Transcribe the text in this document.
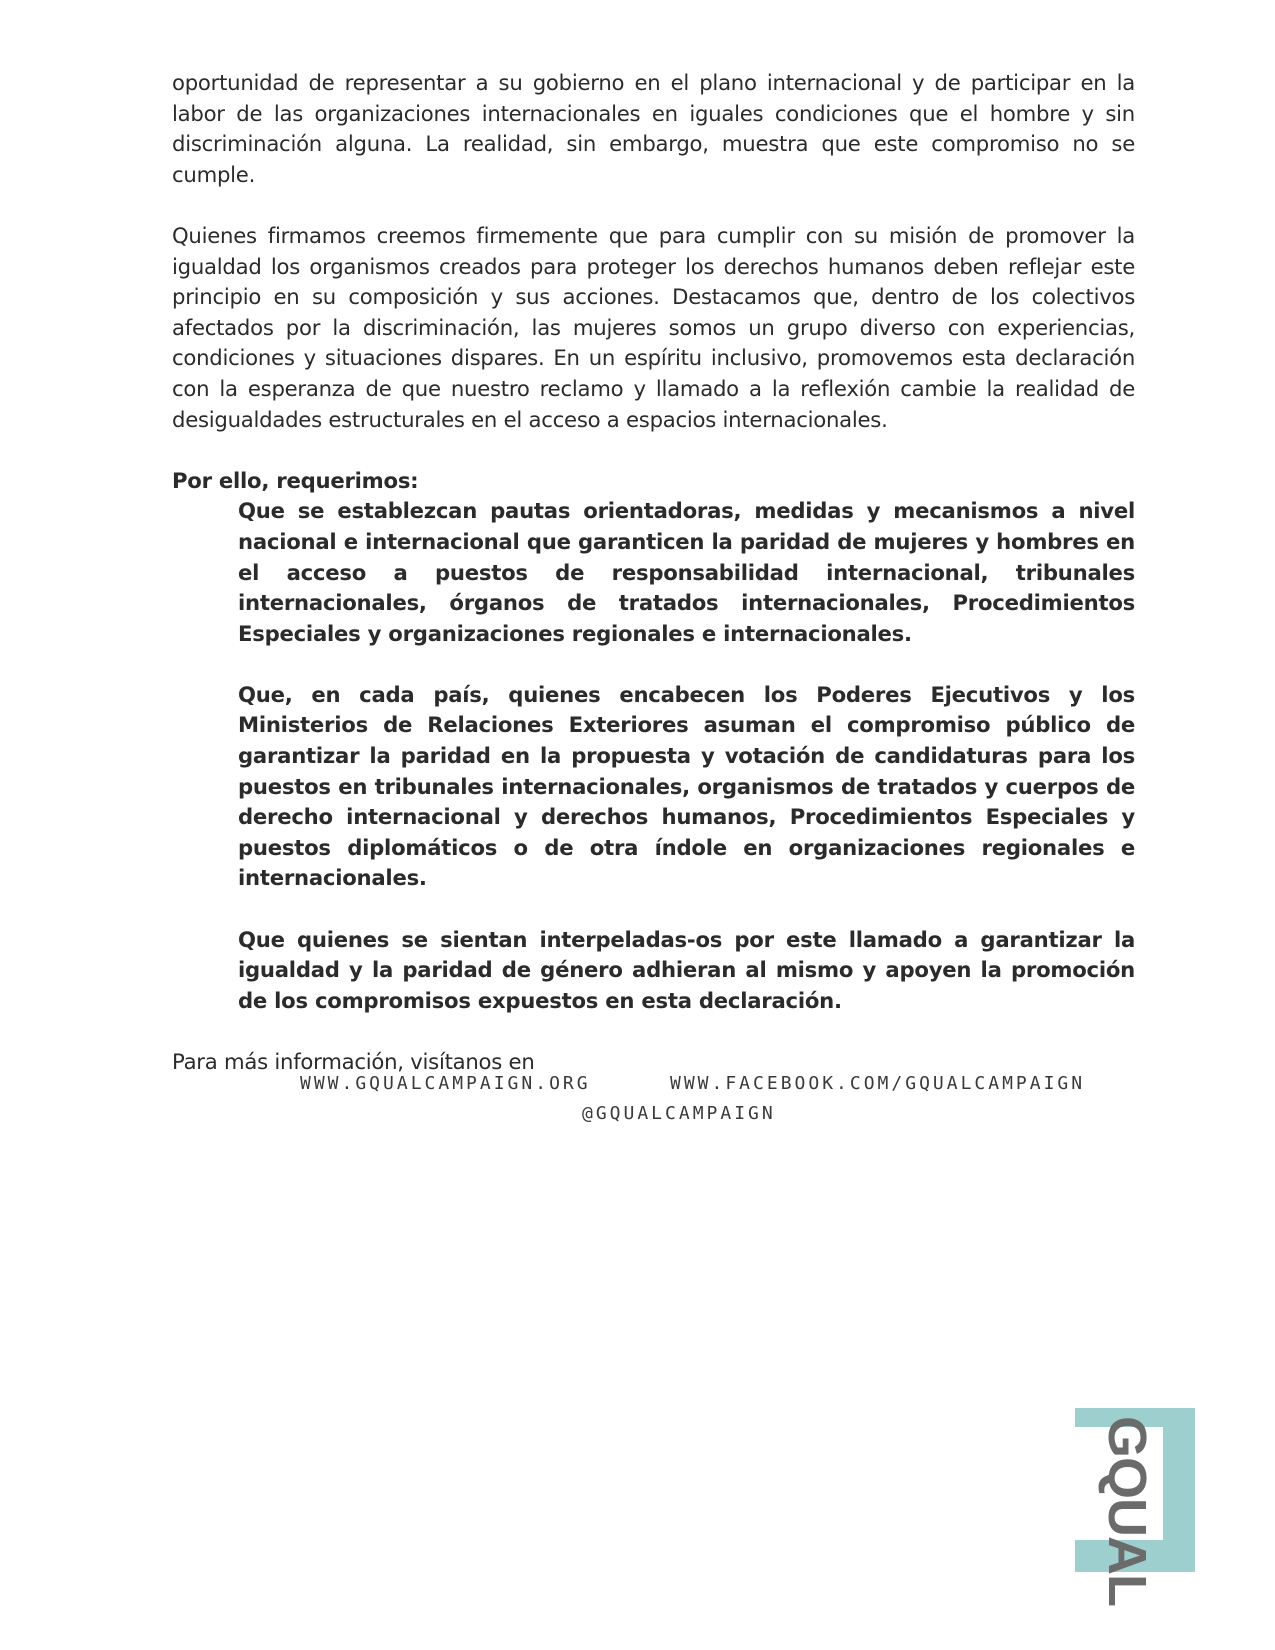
oportunidad de representar a su gobierno en el plano internacional y de participar en la labor de las organizaciones internacionales en iguales condiciones que el hombre y sin discriminación alguna. La realidad, sin embargo, muestra que este compromiso no se cumple.

Quienes firmamos creemos firmemente que para cumplir con su misión de promover la igualdad los organismos creados para proteger los derechos humanos deben reflejar este principio en su composición y sus acciones. Destacamos que, dentro de los colectivos afectados por la discriminación, las mujeres somos un grupo diverso con experiencias, condiciones y situaciones dispares. En un espíritu inclusivo, promovemos esta declaración con la esperanza de que nuestro reclamo y llamado a la reflexión cambie la realidad de desigualdades estructurales en el acceso a espacios internacionales.

Por ello, requerimos:

Que se establezcan pautas orientadoras, medidas y mecanismos a nivel nacional e internacional que garanticen la paridad de mujeres y hombres en el acceso a puestos de responsabilidad internacional, tribunales internacionales, órganos de tratados internacionales, Procedimientos Especiales y organizaciones regionales e internacionales.
Que, en cada país, quienes encabecen los Poderes Ejecutivos y los Ministerios de Relaciones Exteriores asuman el compromiso público de garantizar la paridad en la propuesta y votación de candidaturas para los puestos en tribunales internacionales, organismos de tratados y cuerpos de derecho internacional y derechos humanos, Procedimientos Especiales y puestos diplomáticos o de otra índole en organizaciones regionales e internacionales.
Que quienes se sientan interpeladas-os por este llamado a garantizar la igualdad y la paridad de género adhieran al mismo y apoyen la promoción de los compromisos expuestos en esta declaración.

Para más información, visítanos en

WWW.GQUALCAMPAIGN.ORG	WWW.FACEBOOK.COM/GQUALCAMPAIGN
@GQUALCAMPAIGN
GQUAL
